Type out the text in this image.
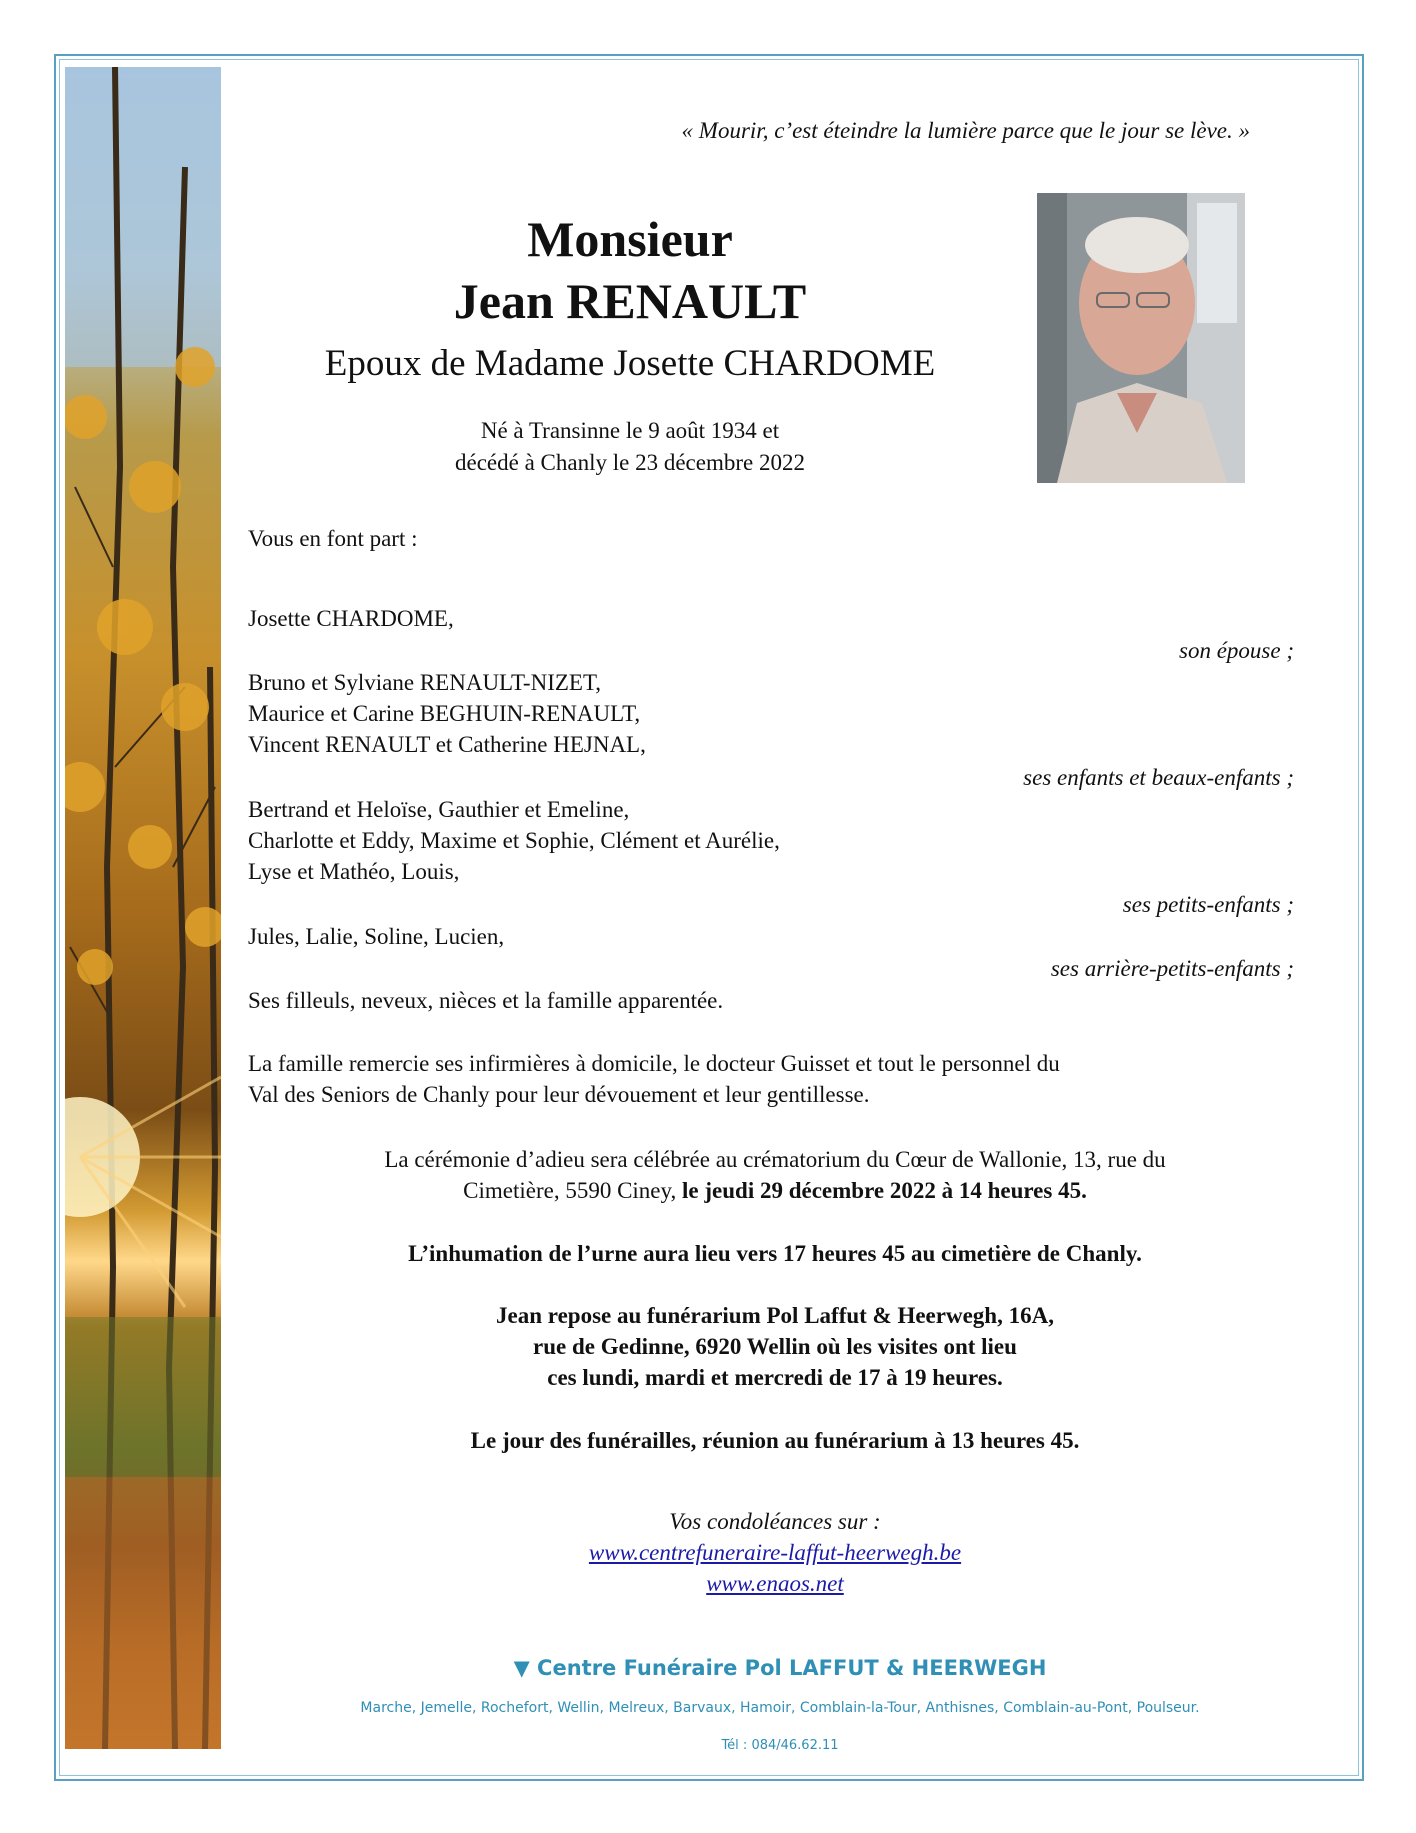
« Mourir, c’est éteindre la lumière parce que le jour se lève. »
Monsieur
Jean RENAULT
Epoux de Madame Josette CHARDOME
Né à Transinne le 9 août 1934 et
décédé à Chanly le 23 décembre 2022
Vous en font part :
Josette CHARDOME,
son épouse ;
Bruno et Sylviane RENAULT-NIZET,
Maurice et Carine BEGHUIN-RENAULT,
Vincent RENAULT et Catherine HEJNAL,
ses enfants et beaux-enfants ;
Bertrand et Heloïse, Gauthier et Emeline,
Charlotte et Eddy, Maxime et Sophie, Clément et Aurélie,
Lyse et Mathéo, Louis,
ses petits-enfants ;
Jules, Lalie, Soline, Lucien,
ses arrière-petits-enfants ;
Ses filleuls, neveux, nièces et la famille apparentée.
La famille remercie ses infirmières à domicile, le docteur Guisset et tout le personnel du
Val des Seniors de Chanly pour leur dévouement et leur gentillesse.
La cérémonie d’adieu sera célébrée au crématorium du Cœur de Wallonie, 13, rue du
Cimetière, 5590 Ciney, le jeudi 29 décembre 2022 à 14 heures 45.
L’inhumation de l’urne aura lieu vers 17 heures 45 au cimetière de Chanly.
Jean repose au funérarium Pol Laffut & Heerwegh, 16A,
rue de Gedinne, 6920 Wellin où les visites ont lieu
ces lundi, mardi et mercredi de 17 à 19 heures.
Le jour des funérailles, réunion au funérarium à 13 heures 45.
Vos condoléances sur :
www.centrefuneraire-laffut-heerwegh.be
www.enaos.net
▼ Centre Funéraire Pol LAFFUT & HEERWEGH
Marche, Jemelle, Rochefort, Wellin, Melreux, Barvaux, Hamoir, Comblain-la-Tour, Anthisnes, Comblain-au-Pont, Poulseur.
Tél : 084/46.62.11
